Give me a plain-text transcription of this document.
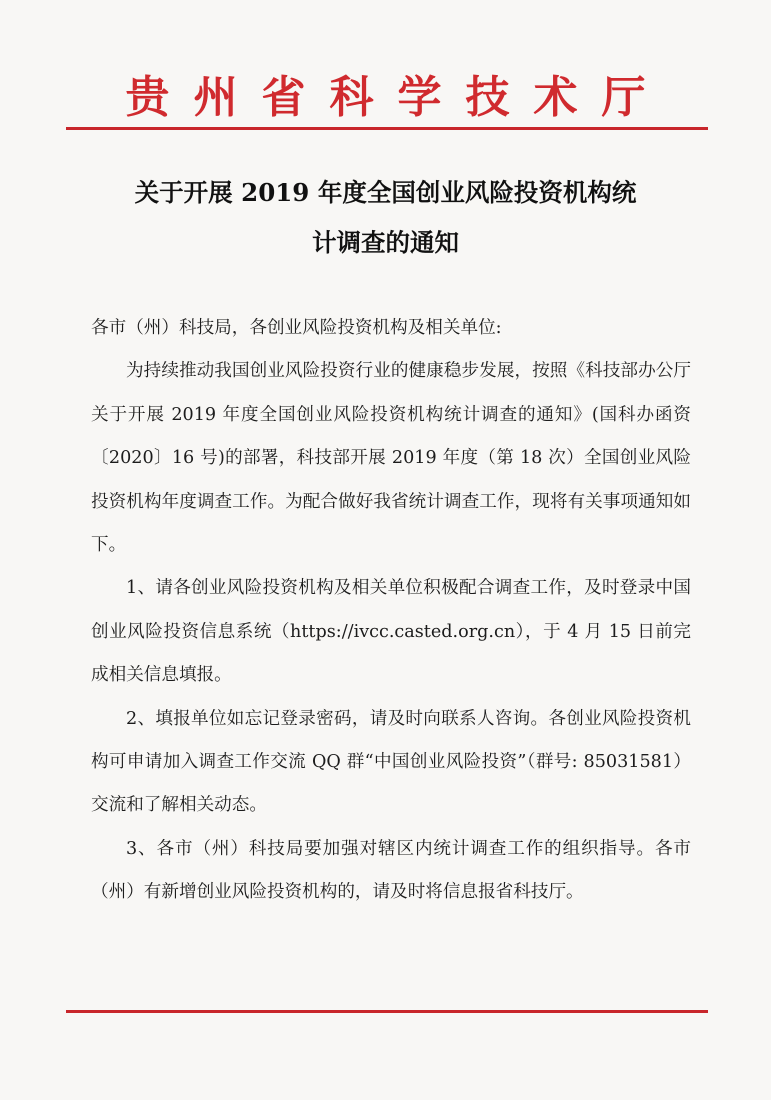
贵州省科学技术厅
关于开展 2019 年度全国创业风险投资机构统
计调查的通知

各市（州）科技局，各创业风险投资机构及相关单位:

为持续推动我国创业风险投资行业的健康稳步发展，按照《科技部办公厅关于开展 2019 年度全国创业风险投资机构统计调查的通知》(国科办函资〔2020〕16 号)的部署，科技部开展 2019 年度（第 18 次）全国创业风险投资机构年度调查工作。为配合做好我省统计调查工作，现将有关事项通知如下。

1、请各创业风险投资机构及相关单位积极配合调查工作，及时登录中国创业风险投资信息系统（https://ivcc.casted.org.cn），于 4 月 15 日前完成相关信息填报。

2、填报单位如忘记登录密码，请及时向联系人咨询。各创业风险投资机构可申请加入调查工作交流 QQ 群“中国创业风险投资”（群号: 85031581）交流和了解相关动态。

3、各市（州）科技局要加强对辖区内统计调查工作的组织指导。各市（州）有新增创业风险投资机构的，请及时将信息报省科技厅。
